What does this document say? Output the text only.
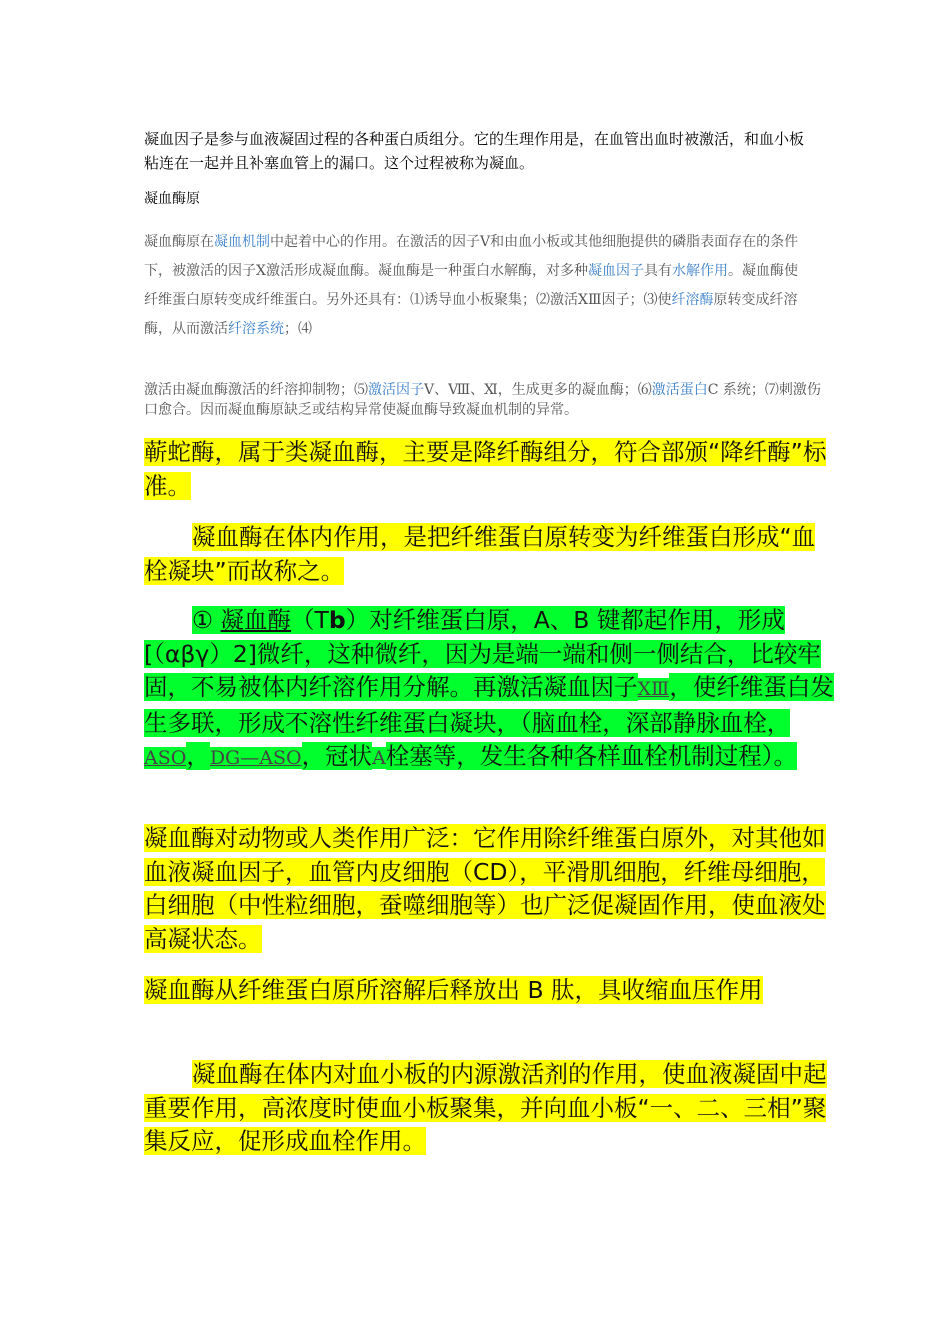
凝血因子是参与血液凝固过程的各种蛋白质组分。它的生理作用是，在血管出血时被激活，和血小板粘连在一起并且补塞血管上的漏口。这个过程被称为凝血。

凝血酶原

凝血酶原在凝血机制中起着中心的作用。在激活的因子Ⅴ和由血小板或其他细胞提供的磷脂表面存在的条件下，被激活的因子Ⅹ激活形成凝血酶。凝血酶是一种蛋白水解酶，对多种凝血因子具有水解作用。凝血酶使纤维蛋白原转变成纤维蛋白。另外还具有：⑴诱导血小板聚集；⑵激活ⅩⅢ因子；⑶使纤溶酶原转变成纤溶酶，从而激活纤溶系统；⑷

激活由凝血酶激活的纤溶抑制物；⑸激活因子Ⅴ、Ⅷ、Ⅺ，生成更多的凝血酶；⑹激活蛋白C 系统；⑺刺激伤口愈合。因而凝血酶原缺乏或结构异常使凝血酶导致凝血机制的异常。

蕲蛇酶，属于类凝血酶，主要是降纤酶组分，符合部颁“降纤酶”标准。

凝血酶在体内作用，是把纤维蛋白原转变为纤维蛋白形成“血栓凝块”而故称之。

① 凝血酶（Tb）对纤维蛋白原，A、B 键都起作用，形成[（αβγ）2]微纤，这种微纤，因为是端一端和侧一侧结合，比较牢固，不易被体内纤溶作用分解。再激活凝血因子ⅩⅢ，使纤维蛋白发生多联，形成不溶性纤维蛋白凝块，（脑血栓，深部静脉血栓，ASO，DG—ASO，冠状A栓塞等，发生各种各样血栓机制过程）。

凝血酶对动物或人类作用广泛：它作用除纤维蛋白原外，对其他如血液凝血因子，血管内皮细胞（CD），平滑肌细胞，纤维母细胞，白细胞（中性粒细胞，蚕噬细胞等）也广泛促凝固作用，使血液处高凝状态。

凝血酶从纤维蛋白原所溶解后释放出 B 肽，具收缩血压作用

凝血酶在体内对血小板的内源激活剂的作用，使血液凝固中起重要作用，高浓度时使血小板聚集，并向血小板“一、二、三相”聚集反应，促形成血栓作用。
